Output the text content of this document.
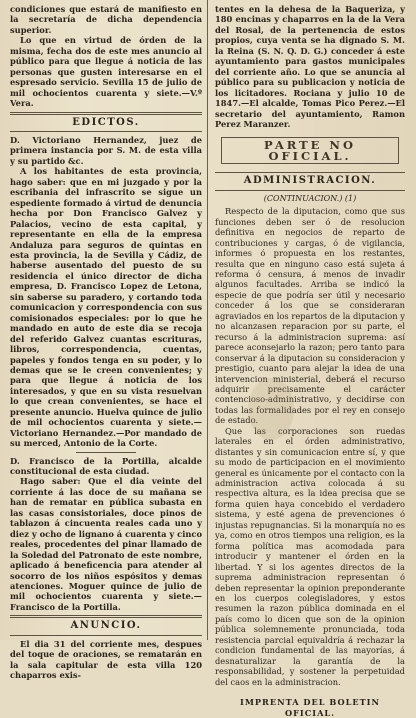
condiciones que estará de manifiesto en la secretaría de dicha dependencia superior.

Lo que en virtud de órden de la misma, fecha dos de este mes anuncio al público para que llegue á noticia de las personas que gusten interesarse en el espresado servicio. Sevilla 15 de julio de mil ochocientos cuarenta y siete.—V.º Vera.

EDICTOS.

D. Victoriano Hernandez, juez de primera instancia por S. M. de esta villa y su partido &c.

A los habitantes de esta provincia, hago saber: que en mi juzgado y por la escribania del infrascrito se sigue un espediente formado á virtud de denuncia hecha por Don Francisco Galvez y Palacios, vecino de esta capital, y representante en ella de la empresa Andaluza para seguros de quintas en esta provincia, la de Sevilla y Cádiz, de haberse ausentado del puesto de su residencia el único director de dicha empresa, D. Francisco Lopez de Letona, sin saberse su paradero, y cortando toda comunicacion y correspondencia con sus comisionados especiales: por lo que he mandado en auto de este dia se recoja del referido Galvez cuantas escrituras, libros, correspondencia, cuentas, papeles y fondos tenga en su poder, y lo demas que se le creen convenientes; y para que llegue á noticia de los interesados, y que en su vista resuelvan lo que crean convenientes, se hace el presente anuncio. Huelva quince de julio de mil ochocientos cuarenta y siete.—Victoriano Hernandez.—Por mandado de su merced, Antonio de la Corte.

D. Francisco de la Portilla, alcalde constitucional de esta ciudad.

Hago saber: Que el dia veinte del corriente á las doce de su mañana se han de rematar en pública subasta en las casas consistoriales, doce pinos de tablazon á cincuenta reales cada uno y diez y ocho de lignano á cuarenta y cinco reales, procedentes del pinar llamado de la Soledad del Patronato de este nombre, aplicado á beneficencia para atender al socorro de los niños espósitos y demas atenciones. Moguer quince de julio de mil ochocientos cuarenta y siete.—Francisco de la Portilla.

ANUNCIO.

El dia 31 del corriente mes, despues del toque de oraciones, se rematarán en la sala capitular de esta villa 120 chaparros exis-

tentes en la dehesa de la Baqueriza, y 180 encinas y chaparros en la de la Vera del Rosal, de la pertenencia de estos propios, cuya venta se ha dignado S. M. la Reina (S. N. Q. D. G.) conceder á este ayuntamiento para gastos municipales del corriente año. Lo que se anuncia al público para su publicacion y noticia de los licitadores. Rociana y julio 10 de 1847.—El alcalde, Tomas Pico Perez.—El secretario del ayuntamiento, Ramon Perez Maranzer.

PARTE NO OFICIAL.
ADMINISTRACION.
(CONTINUACION.) (1)

Respecto de la diputacion, como que sus funciones deben ser ó de resolucion definitiva en negocios de reparto de contribuciones y cargas, ó de vigilancia, informes ó propuesta en los restantes, resulta que en ninguno caso está sujeta á reforma ó censura, á menos de invadir algunos facultades. Arriba se indicó la especie de que podría ser útil y necesario conceder á los que se consideraran agraviados en los repartos de la diputacion y no alcanzasen reparacion por su parte, el recurso á la administracion suprema: así parece aconsejarlo la razon; pero tanto para conservar á la diputacion su consideracion y prestigio, cuanto para alejar la idea de una intervencion ministerial, deberá el recurso adquirir precisamente el carácter contencioso-administrativo, y decidirse con todas las formalidades por el rey en consejo de estado.

Que las corporaciones son ruedas laterales en el órden administrativo, distantes y sin comunicacion entre sí, y que su modo de participacion en el movimiento general es únicamente por el contacto con la administracion activa colocada á su respectiva altura, es la idea precisa que se forma quien haya concebido el verdadero sistema, y esté agena de prevenciones ó injustas repugnancias. Si la monarquía no es ya, como en otros tiempos una religion, es la forma política mas acomodada para introducir y mantener el órden en la libertad. Y si los agentes directos de la suprema administracion representan ó deben representar la opinion preponderante en los cuerpos colegisladores, y estos resumen la razon pública dominada en el país como lo dicen que son de la opinion pública solemnemente pronunciada, toda resistencia parcial equivaldría á rechazar la condicion fundamental de las mayorías, á desnaturalizar la garantía de la responsabilidad, y sostener la perpetuidad del caos en la administracion.

IMPRENTA DEL BOLETIN OFICIAL.
